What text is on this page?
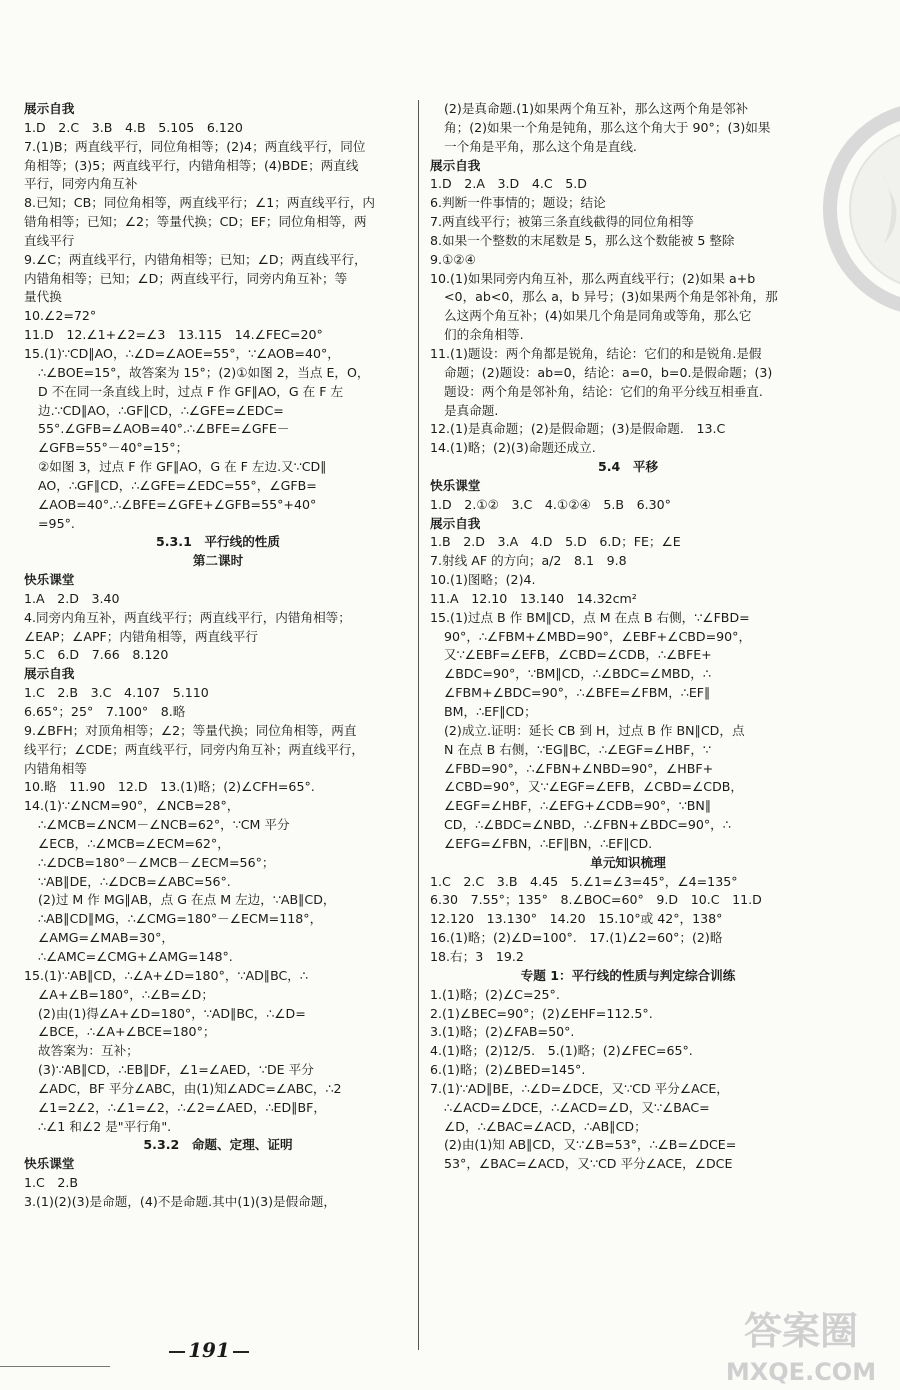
展示自我
1.D　2.C　3.B　4.B　5.105　6.120
7.(1)B；两直线平行，同位角相等；(2)4；两直线平行，同位
角相等；(3)5；两直线平行，内错角相等；(4)BDE；两直线
平行，同旁内角互补
8.已知；CB；同位角相等，两直线平行；∠1；两直线平行，内
错角相等；已知；∠2；等量代换；CD；EF；同位角相等，两
直线平行
9.∠C；两直线平行，内错角相等；已知；∠D；两直线平行，
内错角相等；已知；∠D；两直线平行，同旁内角互补；等
量代换
10.∠2=72°
11.D　12.∠1+∠2=∠3　13.115　14.∠FEC=20°
15.(1)∵CD∥AO，∴∠D=∠AOE=55°，∵∠AOB=40°，
∴∠BOE=15°，故答案为 15°；(2)①如图 2，当点 E，O，
D 不在同一条直线上时，过点 F 作 GF∥AO，G 在 F 左
边.∵CD∥AO，∴GF∥CD，∴∠GFE=∠EDC=
55°.∠GFB=∠AOB=40°.∴∠BFE=∠GFE－
∠GFB=55°－40°=15°；
②如图 3，过点 F 作 GF∥AO，G 在 F 左边.又∵CD∥
AO，∴GF∥CD，∴∠GFE=∠EDC=55°，∠GFB=
∠AOB=40°.∴∠BFE=∠GFE+∠GFB=55°+40°
=95°.
5.3.1　平行线的性质
第二课时
快乐课堂
1.A　2.D　3.40
4.同旁内角互补，两直线平行；两直线平行，内错角相等；
∠EAP；∠APF；内错角相等，两直线平行
5.C　6.D　7.66　8.120
展示自我
1.C　2.B　3.C　4.107　5.110
6.65°；25°　7.100°　8.略
9.∠BFH；对顶角相等；∠2；等量代换；同位角相等，两直
线平行；∠CDE；两直线平行，同旁内角互补；两直线平行，
内错角相等
10.略　11.90　12.D　13.(1)略；(2)∠CFH=65°.
14.(1)∵∠NCM=90°，∠NCB=28°，
∴∠MCB=∠NCM－∠NCB=62°，∵CM 平分
∠ECB，∴∠MCB=∠ECM=62°，
∴∠DCB=180°－∠MCB－∠ECM=56°；
∵AB∥DE，∴∠DCB=∠ABC=56°.
(2)过 M 作 MG∥AB，点 G 在点 M 左边，∵AB∥CD，
∴AB∥CD∥MG，∴∠CMG=180°－∠ECM=118°，
∠AMG=∠MAB=30°，
∴∠AMC=∠CMG+∠AMG=148°.
15.(1)∵AB∥CD，∴∠A+∠D=180°，∵AD∥BC，∴
∠A+∠B=180°，∴∠B=∠D；
(2)由(1)得∠A+∠D=180°，∵AD∥BC，∴∠D=
∠BCE，∴∠A+∠BCE=180°；
故答案为：互补；
(3)∵AB∥CD，∴EB∥DF，∠1=∠AED，∵DE 平分
∠ADC，BF 平分∠ABC，由(1)知∠ADC=∠ABC，∴2
∠1=2∠2，∴∠1=∠2，∴∠2=∠AED，∴ED∥BF，
∴∠1 和∠2 是"平行角".
5.3.2　命题、定理、证明
快乐课堂
1.C　2.B
3.(1)(2)(3)是命题，(4)不是命题.其中(1)(3)是假命题，
(2)是真命题.(1)如果两个角互补，那么这两个角是邻补
角；(2)如果一个角是钝角，那么这个角大于 90°；(3)如果
一个角是平角，那么这个角是直线.
展示自我
1.D　2.A　3.D　4.C　5.D
6.判断一件事情的；题设；结论
7.两直线平行；被第三条直线截得的同位角相等
8.如果一个整数的末尾数是 5，那么这个数能被 5 整除
9.①②④
10.(1)如果同旁内角互补，那么两直线平行；(2)如果 a+b
<0，ab<0，那么 a，b 异号；(3)如果两个角是邻补角，那
么这两个角互补；(4)如果几个角是同角或等角，那么它
们的余角相等.
11.(1)题设：两个角都是锐角，结论：它们的和是锐角.是假
命题；(2)题设：ab=0，结论：a=0，b=0.是假命题；(3)
题设：两个角是邻补角，结论：它们的角平分线互相垂直.
是真命题.
12.(1)是真命题；(2)是假命题；(3)是假命题.　13.C
14.(1)略；(2)(3)命题还成立.
5.4　平移
快乐课堂
1.D　2.①②　3.C　4.①②④　5.B　6.30°
展示自我
1.B　2.D　3.A　4.D　5.D　6.D；FE；∠E
7.射线 AF 的方向；a/2　8.1　9.8
10.(1)图略；(2)4.
11.A　12.10　13.140　14.32cm²
15.(1)过点 B 作 BM∥CD，点 M 在点 B 右侧，∵∠FBD=
90°，∴∠FBM+∠MBD=90°，∠EBF+∠CBD=90°，
又∵∠EBF=∠EFB，∠CBD=∠CDB，∴∠BFE+
∠BDC=90°，∵BM∥CD，∴∠BDC=∠MBD，∴
∠FBM+∠BDC=90°，∴∠BFE=∠FBM，∴EF∥
BM，∴EF∥CD；
(2)成立.证明：延长 CB 到 H，过点 B 作 BN∥CD，点
N 在点 B 右侧，∵EG∥BC，∴∠EGF=∠HBF，∵
∠FBD=90°，∴∠FBN+∠NBD=90°，∠HBF+
∠CBD=90°，又∵∠EGF=∠EFB，∠CBD=∠CDB，
∠EGF=∠HBF，∴∠EFG+∠CDB=90°，∵BN∥
CD，∴∠BDC=∠NBD，∴∠FBN+∠BDC=90°，∴
∠EFG=∠FBN，∴EF∥BN，∴EF∥CD.
单元知识梳理
1.C　2.C　3.B　4.45　5.∠1=∠3=45°，∠4=135°
6.30　7.55°；135°　8.∠BOC=60°　9.D　10.C　11.D
12.120　13.130°　14.20　15.10°或 42°，138°
16.(1)略；(2)∠D=100°.　17.(1)∠2=60°；(2)略
18.右；3　19.2
专题 1：平行线的性质与判定综合训练
1.(1)略；(2)∠C=25°.
2.(1)∠BEC=90°；(2)∠EHF=112.5°.
3.(1)略；(2)∠FAB=50°.
4.(1)略；(2)12/5.　5.(1)略；(2)∠FEC=65°.
6.(1)略；(2)∠BED=145°.
7.(1)∵AD∥BE，∴∠D=∠DCE，又∵CD 平分∠ACE，
∴∠ACD=∠DCE，∴∠ACD=∠D，又∵∠BAC=
∠D，∴∠BAC=∠ACD，∴AB∥CD；
(2)由(1)知 AB∥CD，又∵∠B=53°，∴∠B=∠DCE=
53°，∠BAC=∠ACD，又∵CD 平分∠ACE，∠DCE
191	答案圈
MXQE.COM
